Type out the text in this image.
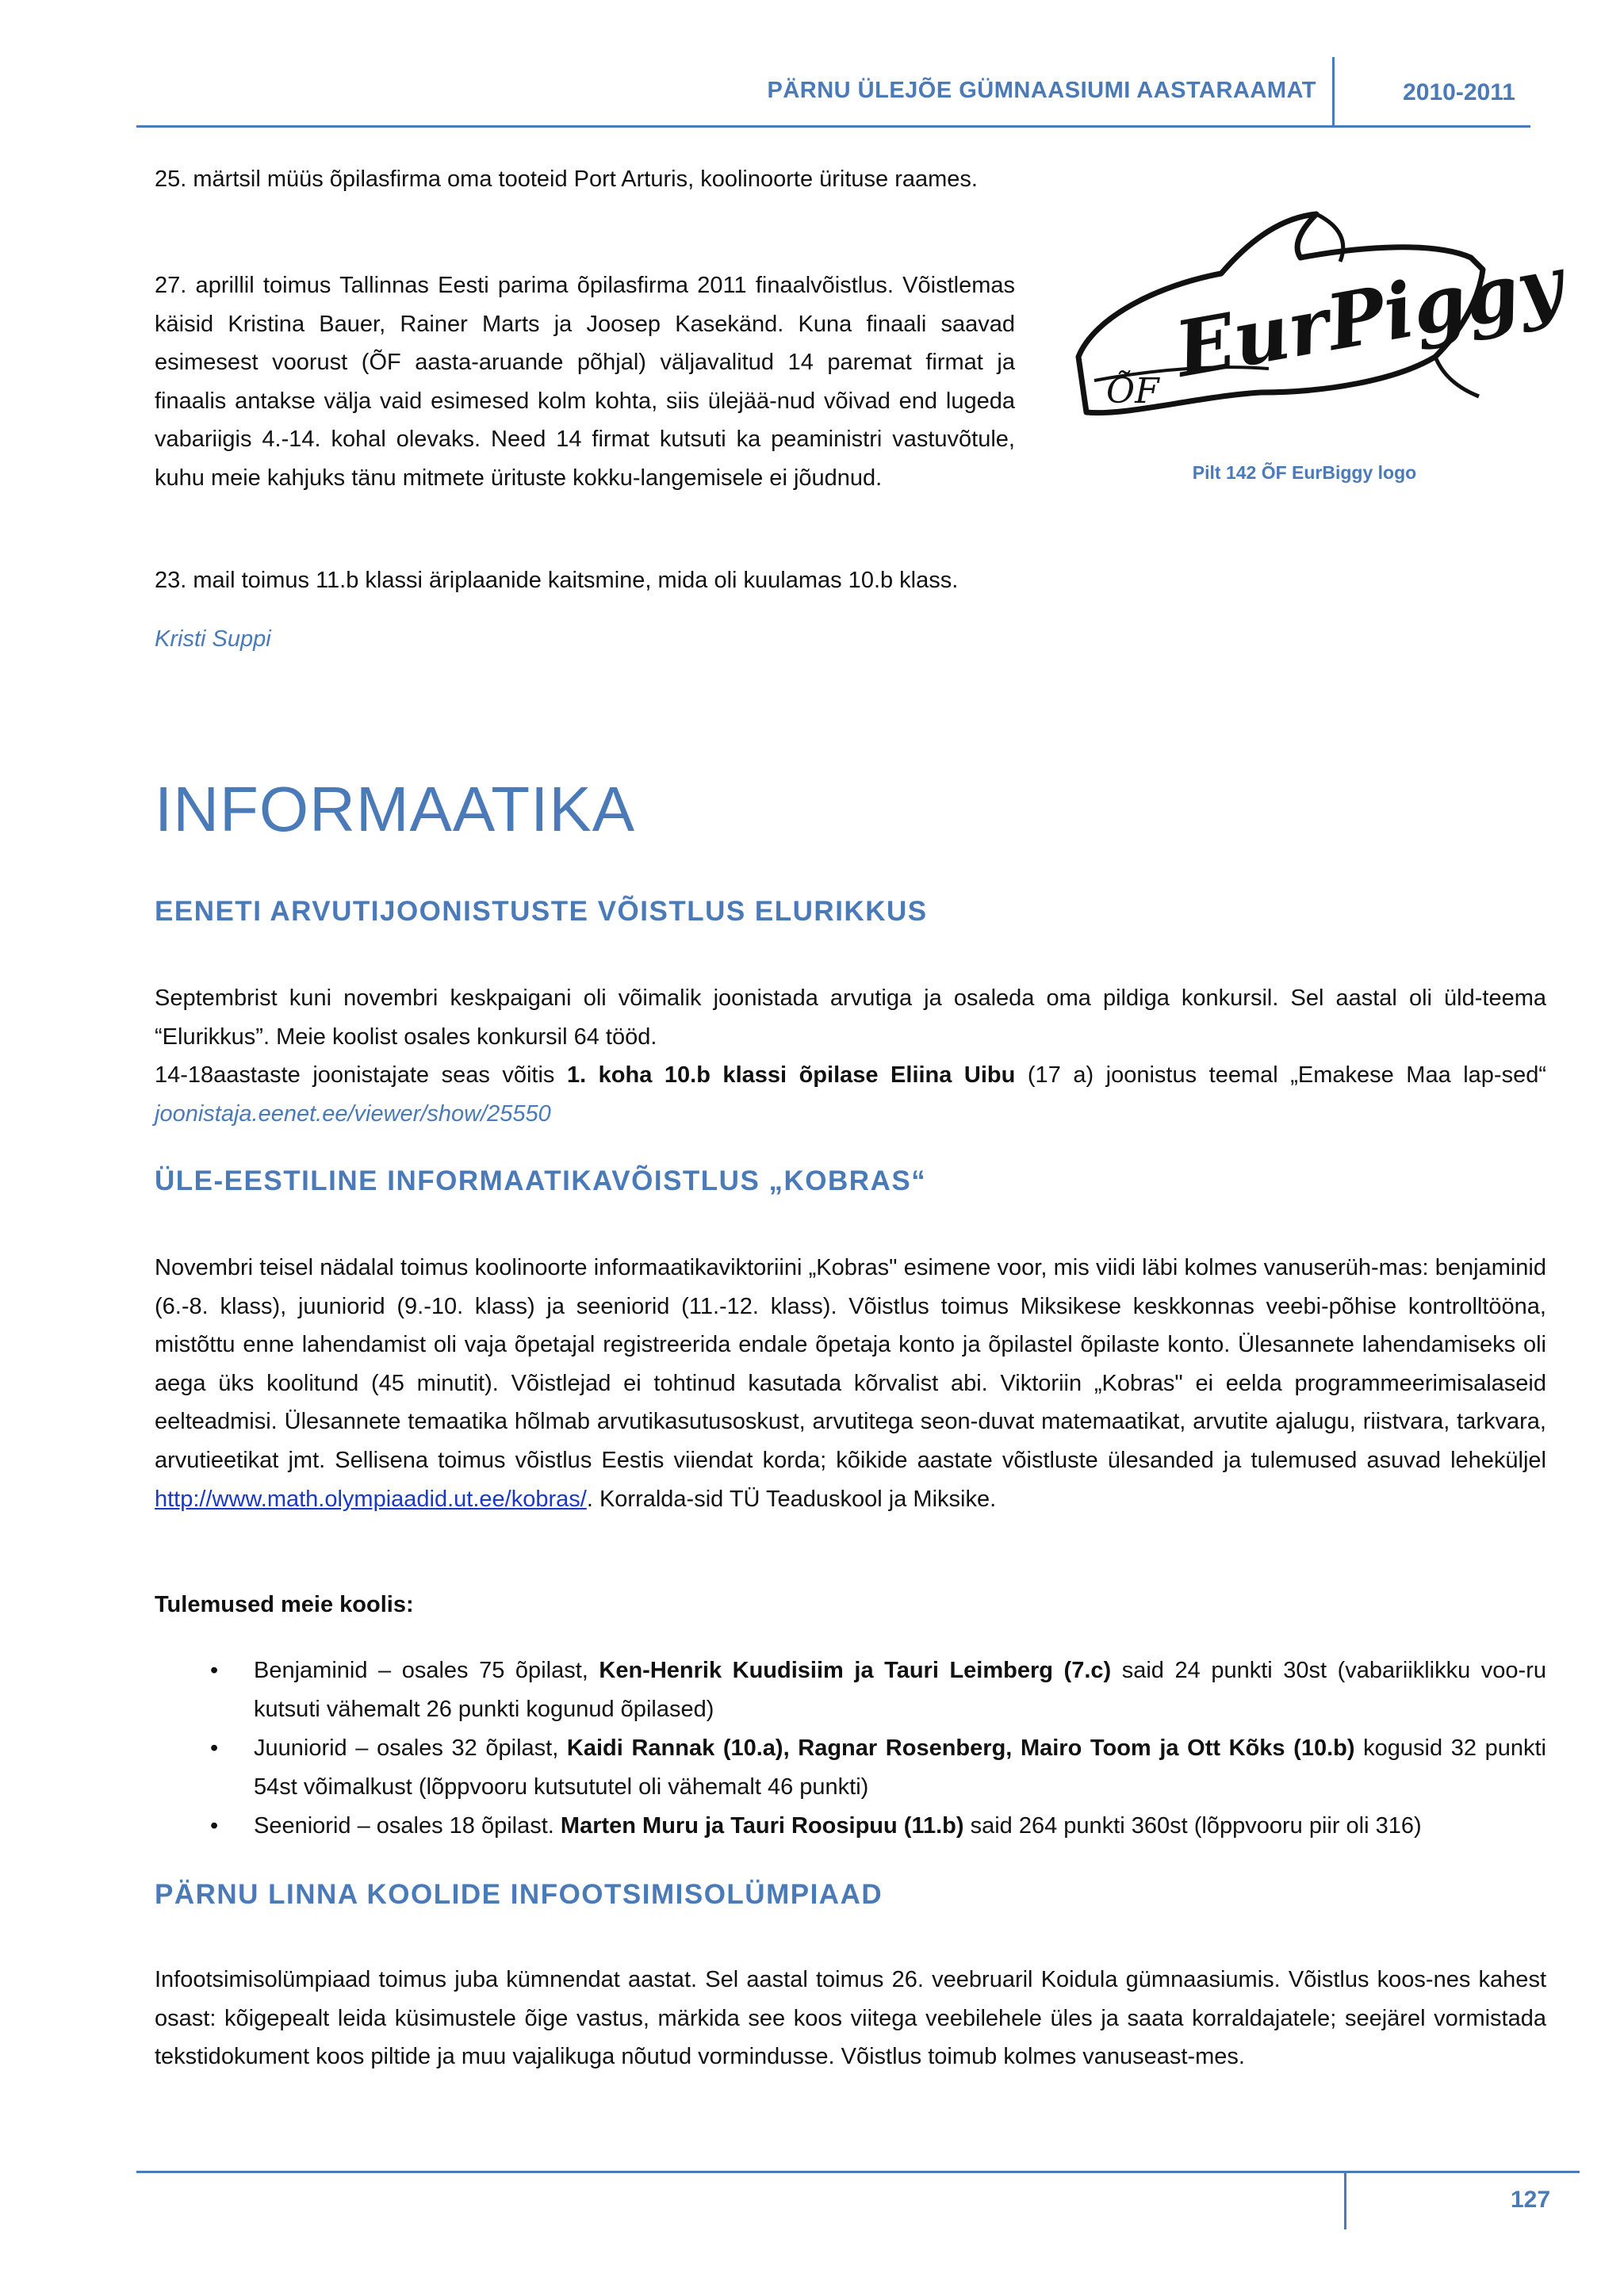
PÄRNU ÜLEJÕE GÜMNAASIUMI AASTARAAMAT	2010-2011

25. märtsil müüs õpilasfirma oma tooteid Port Arturis, koolinoorte ürituse raames.

27. aprillil toimus Tallinnas Eesti parima õpilasfirma 2011 finaalvõistlus. Võistlemas käisid Kristina Bauer, Rainer Marts ja Joosep Kasekänd. Kuna finaali saavad esimesest voorust (ÕF aasta-aruande põhjal) väljavalitud 14 paremat firmat ja finaalis antakse välja vaid esimesed kolm kohta, siis ülejää-nud võivad end lugeda vabariigis 4.-14. kohal olevaks. Need 14 firmat kutsuti ka peaministri vastuvõtule, kuhu meie kahjuks tänu mitmete ürituste kokku-langemisele ei jõudnud.

23. mail toimus 11.b klassi äriplaanide kaitsmine, mida oli kuulamas 10.b klass.

Kristi Suppi
ÕF EurPiggy
Pilt 142 ÕF EurBiggy logo
INFORMAATIKA
EENETI ARVUTIJOONISTUSTE VÕISTLUS ELURIKKUS

Septembrist kuni novembri keskpaigani oli võimalik joonistada arvutiga ja osaleda oma pildiga konkursil. Sel aastal oli üld-teema “Elurikkus”. Meie koolist osales konkursil 64 tööd.

14-18aastaste joonistajate seas võitis 1. koha 10.b klassi õpilase Eliina Uibu (17 a) joonistus teemal „Emakese Maa lap-sed“ joonistaja.eenet.ee/viewer/show/25550

ÜLE-EESTILINE INFORMAATIKAVÕISTLUS „KOBRAS“

Novembri teisel nädalal toimus koolinoorte informaatikaviktoriini „Kobras" esimene voor, mis viidi läbi kolmes vanuserüh-mas: benjaminid (6.-8. klass), juuniorid (9.-10. klass) ja seeniorid (11.-12. klass). Võistlus toimus Miksikese keskkonnas veebi-põhise kontrolltööna, mistõttu enne lahendamist oli vaja õpetajal registreerida endale õpetaja konto ja õpilastel õpilaste konto. Ülesannete lahendamiseks oli aega üks koolitund (45 minutit). Võistlejad ei tohtinud kasutada kõrvalist abi. Viktoriin „Kobras" ei eelda programmeerimisalaseid eelteadmisi. Ülesannete temaatika hõlmab arvutikasutusoskust, arvutitega seon-duvat matemaatikat, arvutite ajalugu, riistvara, tarkvara, arvutieetikat jmt. Sellisena toimus võistlus Eestis viiendat korda; kõikide aastate võistluste ülesanded ja tulemused asuvad leheküljel http://www.math.olympiaadid.ut.ee/kobras/. Korralda-sid TÜ Teaduskool ja Miksike.

Tulemused meie koolis:

• Benjaminid – osales 75 õpilast, Ken-Henrik Kuudisiim ja Tauri Leimberg (7.c) said 24 punkti 30st (vabariiklikku voo-ru kutsuti vähemalt 26 punkti kogunud õpilased)
• Juuniorid – osales 32 õpilast, Kaidi Rannak (10.a), Ragnar Rosenberg, Mairo Toom ja Ott Kõks (10.b) kogusid 32 punkti 54st võimalkust (lõppvooru kutsututel oli vähemalt 46 punkti)
• Seeniorid – osales 18 õpilast. Marten Muru ja Tauri Roosipuu (11.b) said 264 punkti 360st (lõppvooru piir oli 316)
PÄRNU LINNA KOOLIDE INFOOTSIMISOLÜMPIAAD

Infootsimisolümpiaad toimus juba kümnendat aastat. Sel aastal toimus 26. veebruaril Koidula gümnaasiumis. Võistlus koos-nes kahest osast: kõigepealt leida küsimustele õige vastus, märkida see koos viitega veebilehele üles ja saata korraldajatele; seejärel vormistada tekstidokument koos piltide ja muu vajalikuga nõutud vormindusse. Võistlus toimub kolmes vanuseast-mes.

127
